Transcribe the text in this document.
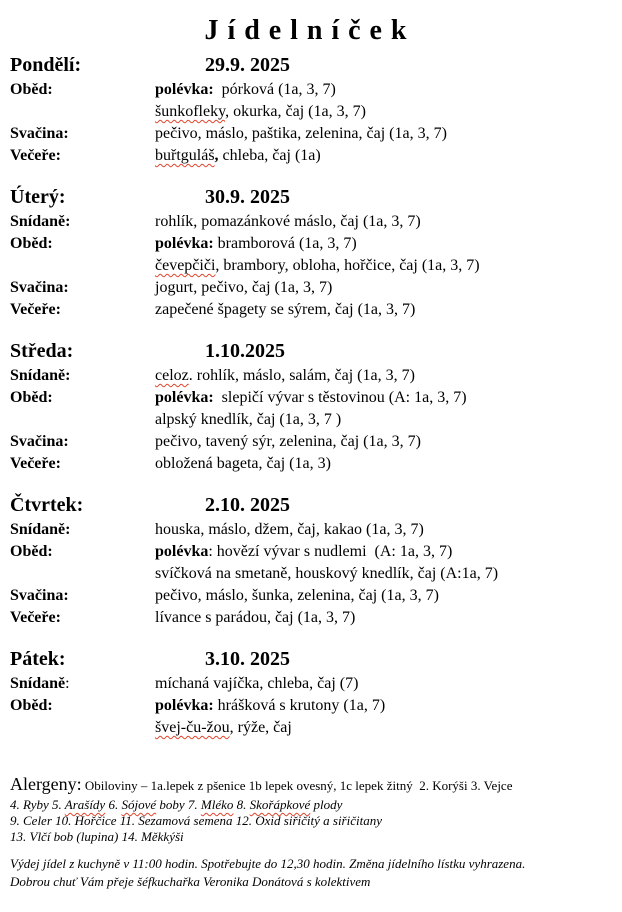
Jídelníček
Pondělí:	29.9. 2025
Oběd:	polévka:  pórková (1a, 3, 7)
šunkofleky, okurka, čaj (1a, 3, 7)
Svačina:	pečivo, máslo, paštika, zelenina, čaj (1a, 3, 7)
Večeře:	buřtguláš, chleba, čaj (1a)
Úterý:	30.9. 2025
Snídaně:	rohlík, pomazánkové máslo, čaj (1a, 3, 7)
Oběd:	polévka: bramborová (1a, 3, 7)
čevepčiči, brambory, obloha, hořčice, čaj (1a, 3, 7)
Svačina:	jogurt, pečivo, čaj (1a, 3, 7)
Večeře:	zapečené špagety se sýrem, čaj (1a, 3, 7)
Středa:	1.10.2025
Snídaně:	celoz. rohlík, máslo, salám, čaj (1a, 3, 7)
Oběd:	polévka:  slepičí vývar s těstovinou (A: 1a, 3, 7)
alpský knedlík, čaj (1a, 3, 7 )
Svačina:	pečivo, tavený sýr, zelenina, čaj (1a, 3, 7)
Večeře:	obložená bageta, čaj (1a, 3)
Čtvrtek:	2.10. 2025
Snídaně:	houska, máslo, džem, čaj, kakao (1a, 3, 7)
Oběd:	polévka: hovězí vývar s nudlemi  (A: 1a, 3, 7)
svíčková na smetaně, houskový knedlík, čaj (A:1a, 7)
Svačina:	pečivo, máslo, šunka, zelenina, čaj (1a, 3, 7)
Večeře:	lívance s parádou, čaj (1a, 3, 7)
Pátek:	3.10. 2025
Snídaně:	míchaná vajíčka, chleba, čaj (7)
Oběd:	polévka: hrášková s krutony (1a, 7)
švej-ču-žou, rýže, čaj
Alergeny: Obiloviny – 1a.lepek z pšenice 1b lepek ovesný, 1c lepek žitný  2. Korýši 3. Vejce
4. Ryby 5. Arašídy 6. Sójové boby 7. Mléko 8. Skořápkové plody
9. Celer 10. Hořčice 11. Sezamová semena 12. Oxid siřičitý a siřičitany
13. Vlčí bob (lupina) 14. Měkkýši
Výdej jídel z kuchyně v 11:00 hodin. Spotřebujte do 12,30 hodin. Změna jídelního lístku vyhrazena.
Dobrou chuť Vám přeje šéfkuchařka Veronika Donátová s kolektivem
